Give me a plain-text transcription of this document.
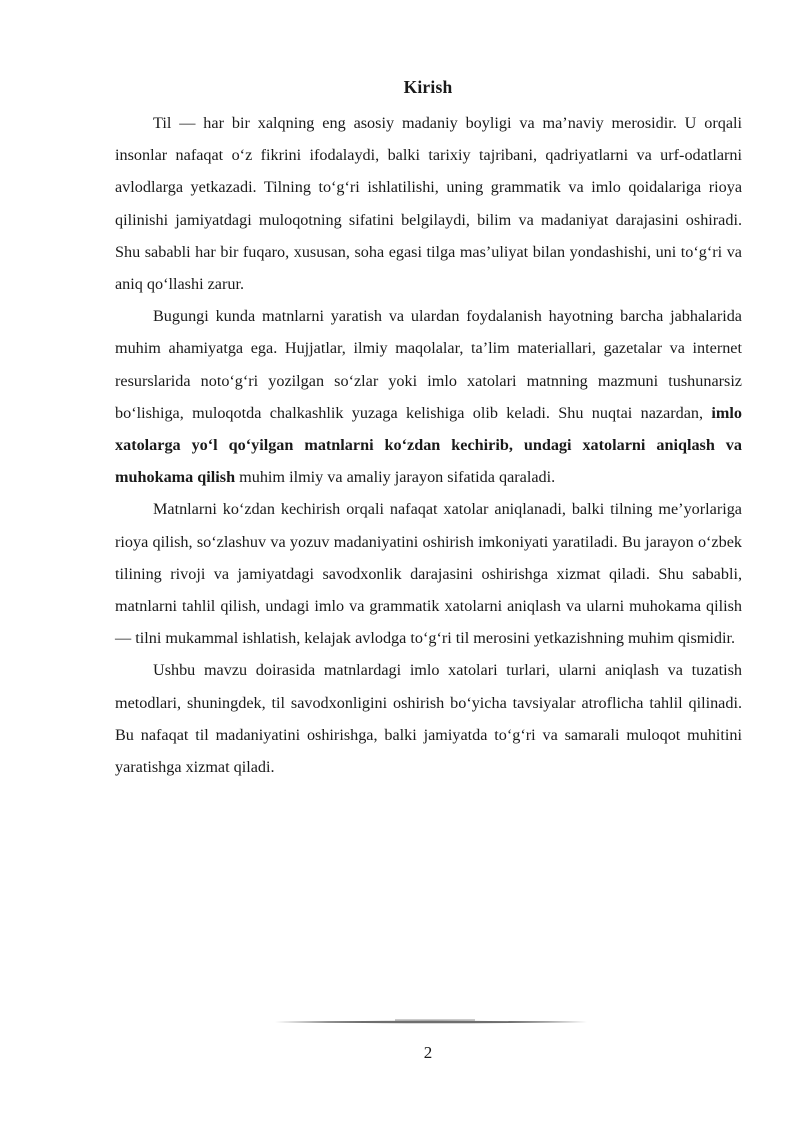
Kirish

Til — har bir xalqning eng asosiy madaniy boyligi va ma’naviy merosidir. U orqali insonlar nafaqat o‘z fikrini ifodalaydi, balki tarixiy tajribani, qadriyatlarni va urf-odatlarni avlodlarga yetkazadi. Tilning to‘g‘ri ishlatilishi, uning grammatik va imlo qoidalariga rioya qilinishi jamiyatdagi muloqotning sifatini belgilaydi, bilim va madaniyat darajasini oshiradi. Shu sababli har bir fuqaro, xususan, soha egasi tilga mas’uliyat bilan yondashishi, uni to‘g‘ri va aniq qo‘llashi zarur.

Bugungi kunda matnlarni yaratish va ulardan foydalanish hayotning barcha jabhalarida muhim ahamiyatga ega. Hujjatlar, ilmiy maqolalar, ta’lim materiallari, gazetalar va internet resurslarida noto‘g‘ri yozilgan so‘zlar yoki imlo xatolari matnning mazmuni tushunarsiz bo‘lishiga, muloqotda chalkashlik yuzaga kelishiga olib keladi. Shu nuqtai nazardan, imlo xatolarga yo‘l qo‘yilgan matnlarni ko‘zdan kechirib, undagi xatolarni aniqlash va muhokama qilish muhim ilmiy va amaliy jarayon sifatida qaraladi.

Matnlarni ko‘zdan kechirish orqali nafaqat xatolar aniqlanadi, balki tilning me’yorlariga rioya qilish, so‘zlashuv va yozuv madaniyatini oshirish imkoniyati yaratiladi. Bu jarayon o‘zbek tilining rivoji va jamiyatdagi savodxonlik darajasini oshirishga xizmat qiladi. Shu sababli, matnlarni tahlil qilish, undagi imlo va grammatik xatolarni aniqlash va ularni muhokama qilish — tilni mukammal ishlatish, kelajak avlodga to‘g‘ri til merosini yetkazishning muhim qismidir.

Ushbu mavzu doirasida matnlardagi imlo xatolari turlari, ularni aniqlash va tuzatish metodlari, shuningdek, til savodxonligini oshirish bo‘yicha tavsiyalar atroflicha tahlil qilinadi. Bu nafaqat til madaniyatini oshirishga, balki jamiyatda to‘g‘ri va samarali muloqot muhitini yaratishga xizmat qiladi.

2
